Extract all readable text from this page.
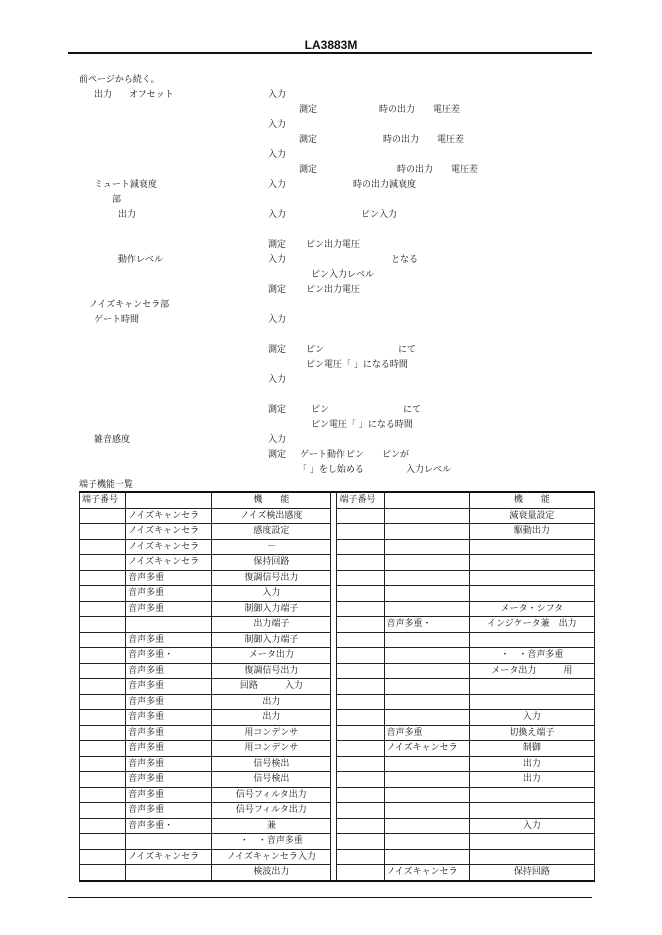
LA3883M
前ページから続く。
出力 オフセット	入力
測定	時の出力 電圧差
入力
測定	時の出力 電圧差
入力
測定	時の出力 電圧差
ミュート減衰度	入力	時の出力減衰度
部
出力	入力	ピン入力
測定 ピン出力電圧
動作レベル	入力	となる
ピン入力レベル
測定 ピン出力電圧
ノイズキャンセラ部
ゲート時間	入力
測定 ピン	にて
ピン電圧「 」になる時間
入力
測定	ピン	にて
ピン電圧「 」になる時間
雑音感度	入力
測定 ゲート動作 ピン ピンが
「 」をし始める	入力レベル
端子機能一覧
端子番号		機　　能		端子番号		機　　能
	ノイズキャンセラ	ノイズ検出感度				減衰量設定
	ノイズキャンセラ	感度設定				駆動出力
	ノイズキャンセラ	－				
	ノイズキャンセラ	保持回路				
	音声多重	復調信号出力				
	音声多重	入力				
	音声多重	制御入力端子				メータ・シフタ
		出力端子			音声多重・	インジケータ兼　出力
	音声多重	制御入力端子				
	音声多重・	メータ出力				・　・音声多重
	音声多重	復調信号出力				メータ出力　　　用
	音声多重	回路　　　入力				
	音声多重	出力				
	音声多重	出力				入力
	音声多重	用コンデンサ			音声多重	切換え端子
	音声多重	用コンデンサ			ノイズキャンセラ	制御
	音声多重	信号検出				出力
	音声多重	信号検出				出力
	音声多重	信号フィルタ出力				
	音声多重	信号フィルタ出力				
	音声多重・	兼				入力
		・　・音声多重				
	ノイズキャンセラ	ノイズキャンセラ入力				
		検波出力			ノイズキャンセラ	保持回路
